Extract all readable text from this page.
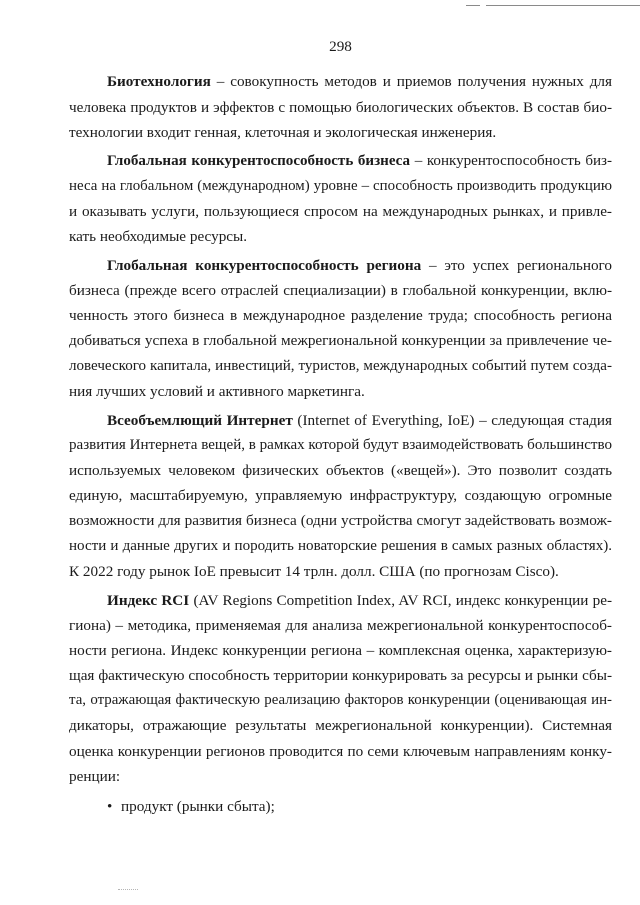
298
Биотехнология – совокупность методов и приемов получения нужных для
человека продуктов и эффектов с помощью биологических объектов. В состав био-
технологии входит генная, клеточная и экологическая инженерия.
Глобальная конкурентоспособность бизнеса – конкурентоспособность биз-
неса на глобальном (международном) уровне – способность производить продукцию
и оказывать услуги, пользующиеся спросом на международных рынках, и привле-
кать необходимые ресурсы.
Глобальная конкурентоспособность региона – это успех регионального
бизнеса (прежде всего отраслей специализации) в глобальной конкуренции, вклю-
ченность этого бизнеса в международное разделение труда; способность региона
добиваться успеха в глобальной межрегиональной конкуренции за привлечение че-
ловеческого капитала, инвестиций, туристов, международных событий путем созда-
ния лучших условий и активного маркетинга.
Всеобъемлющий Интернет (Internet of Everything, IoE) – следующая стадия
развития Интернета вещей, в рамках которой будут взаимодействовать большинство
используемых человеком физических объектов («вещей»). Это позволит создать
единую, масштабируемую, управляемую инфраструктуру, создающую огромные
возможности для развития бизнеса (одни устройства смогут задействовать возмож-
ности и данные других и породить новаторские решения в самых разных областях).
К 2022 году рынок IoE превысит 14 трлн. долл. США (по прогнозам Cisco).
Индекс RCI (AV Regions Competition Index, AV RCI, индекс конкуренции ре-
гиона) – методика, применяемая для анализа межрегиональной конкурентоспособ-
ности региона. Индекс конкуренции региона – комплексная оценка, характеризую-
щая фактическую способность территории конкурировать за ресурсы и рынки сбы-
та, отражающая фактическую реализацию факторов конкуренции (оценивающая ин-
дикаторы, отражающие результаты межрегиональной конкуренции). Системная
оценка конкуренции регионов проводится по семи ключевым направлениям конку-
ренции:
• продукт (рынки сбыта);
